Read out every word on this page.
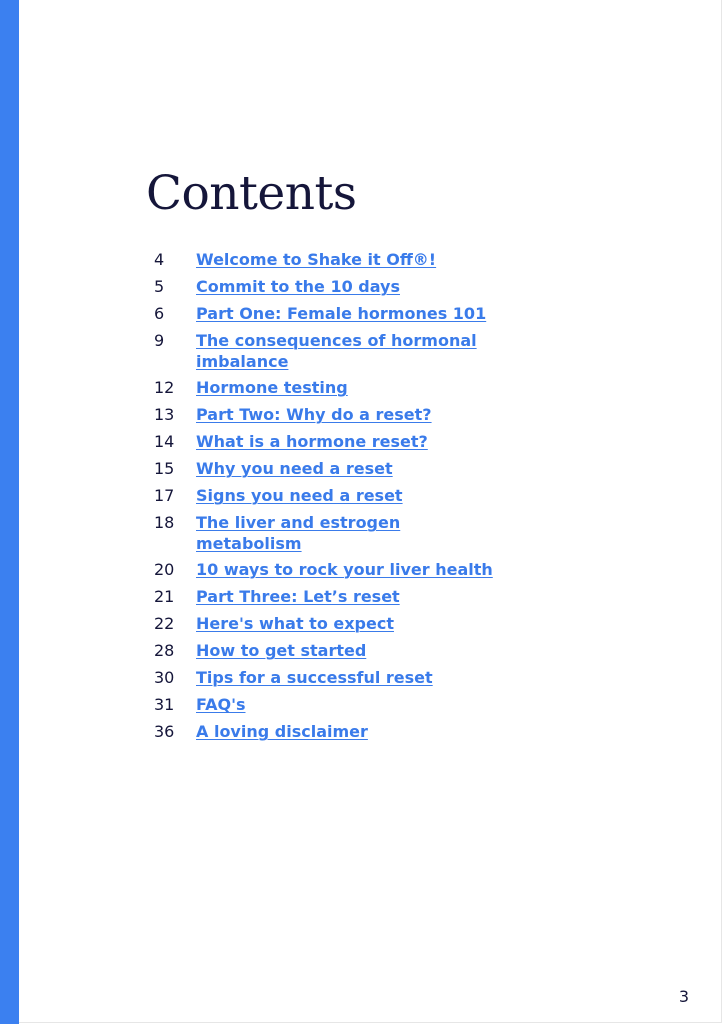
Contents
4	Welcome to Shake it Off®!
5	Commit to the 10 days
6	Part One: Female hormones 101
9	The consequences of hormonal imbalance
12	Hormone testing
13	Part Two: Why do a reset?
14	What is a hormone reset?
15	Why you need a reset
17	Signs you need a reset
18	The liver and estrogen metabolism
20	10 ways to rock your liver health
21	Part Three: Let’s reset
22	Here's what to expect
28	How to get started
30	Tips for a successful reset
31	FAQ's
36	A loving disclaimer
3
